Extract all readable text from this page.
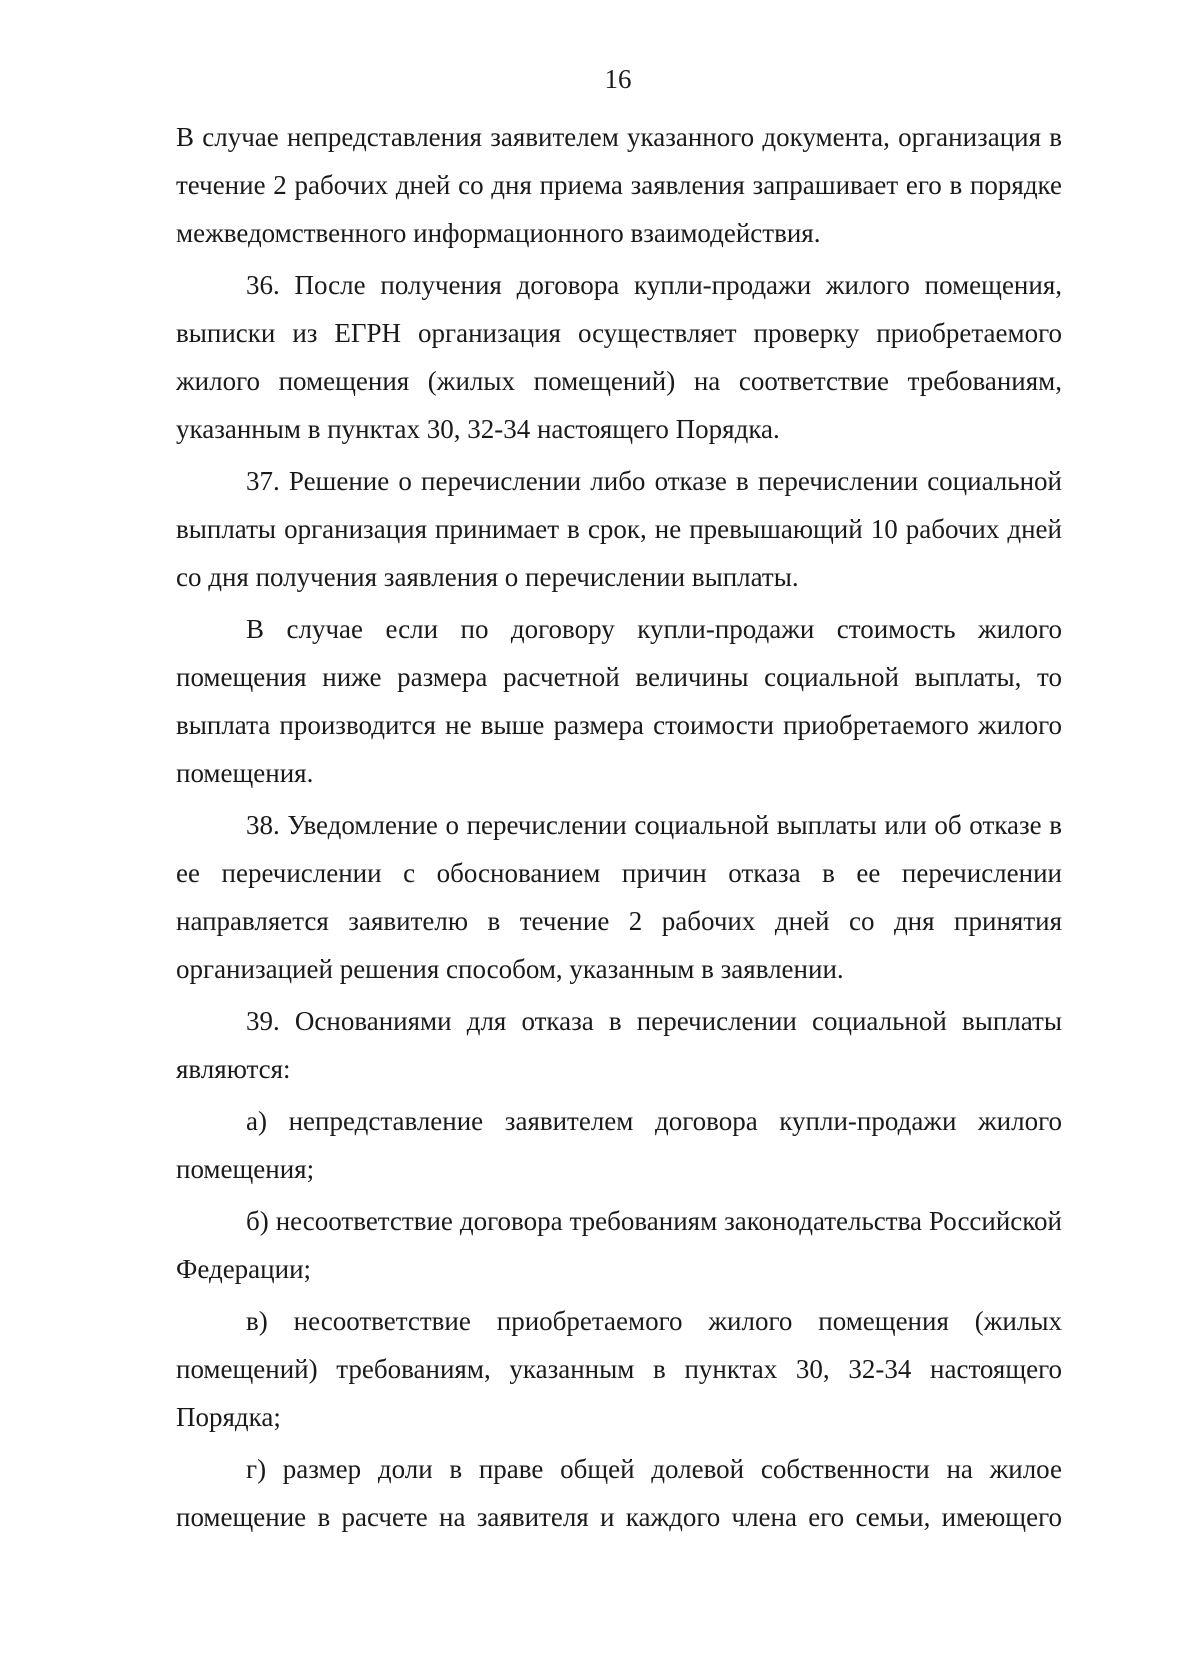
16

В случае непредставления заявителем указанного документа, организация в течение 2 рабочих дней со дня приема заявления запрашивает его в порядке межведомственного информационного взаимодействия.

36. После получения договора купли-продажи жилого помещения, выписки из ЕГРН организация осуществляет проверку приобретаемого жилого помещения (жилых помещений) на соответствие требованиям, указанным в пунктах 30, 32-34 настоящего Порядка.

37. Решение о перечислении либо отказе в перечислении социальной выплаты организация принимает в срок, не превышающий 10 рабочих дней со дня получения заявления о перечислении выплаты.

В случае если по договору купли-продажи стоимость жилого помещения ниже размера расчетной величины социальной выплаты, то выплата производится не выше размера стоимости приобретаемого жилого помещения.

38. Уведомление о перечислении социальной выплаты или об отказе в ее перечислении с обоснованием причин отказа в ее перечислении направляется заявителю в течение 2 рабочих дней со дня принятия организацией решения способом, указанным в заявлении.

39. Основаниями для отказа в перечислении социальной выплаты являются:

а) непредставление заявителем договора купли-продажи жилого помещения;

б) несоответствие договора требованиям законодательства Российской Федерации;

в) несоответствие приобретаемого жилого помещения (жилых помещений) требованиям, указанным в пунктах 30, 32-34 настоящего Порядка;

г) размер доли в праве общей долевой собственности на жилое помещение в расчете на заявителя и каждого члена его семьи, имеющего
